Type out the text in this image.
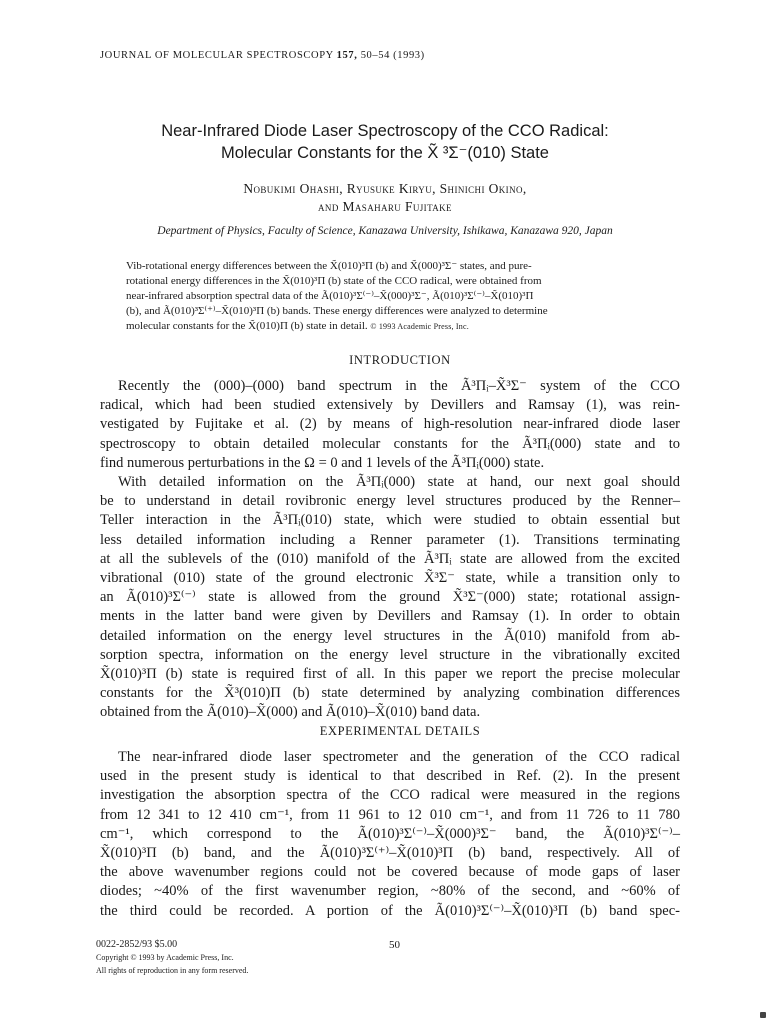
JOURNAL OF MOLECULAR SPECTROSCOPY 157, 50–54 (1993)
Near-Infrared Diode Laser Spectroscopy of the CCO Radical:
Molecular Constants for the X̃ ³Σ⁻(010) State
Nobukimi Ohashi, Ryusuke Kiryu, Shinichi Okino,
and Masaharu Fujitake
Department of Physics, Faculty of Science, Kanazawa University, Ishikawa, Kanazawa 920, Japan
Vib-rotational energy differences between the X̃(010)³Π (b) and X̃(000)³Σ⁻ states, and pure-
rotational energy differences in the X̃(010)³Π (b) state of the CCO radical, were obtained from
near-infrared absorption spectral data of the Ã(010)³Σ⁽⁻⁾–X̃(000)³Σ⁻, Ã(010)³Σ⁽⁻⁾–X̃(010)³Π
(b), and Ã(010)³Σ⁽⁺⁾–X̃(010)³Π (b) bands. These energy differences were analyzed to determine
molecular constants for the X̃(010)Π (b) state in detail. © 1993 Academic Press, Inc.
INTRODUCTION
Recently the (000)–(000) band spectrum in the Ã³Πᵢ–X̃³Σ⁻ system of the CCO
radical, which had been studied extensively by Devillers and Ramsay (1), was rein-
vestigated by Fujitake et al. (2) by means of high-resolution near-infrared diode laser
spectroscopy to obtain detailed molecular constants for the Ã³Πᵢ(000) state and to
find numerous perturbations in the Ω = 0 and 1 levels of the Ã³Πᵢ(000) state.
With detailed information on the Ã³Πᵢ(000) state at hand, our next goal should
be to understand in detail rovibronic energy level structures produced by the Renner–
Teller interaction in the Ã³Πᵢ(010) state, which were studied to obtain essential but
less detailed information including a Renner parameter (1). Transitions terminating
at all the sublevels of the (010) manifold of the Ã³Πᵢ state are allowed from the excited
vibrational (010) state of the ground electronic X̃³Σ⁻ state, while a transition only to
an Ã(010)³Σ⁽⁻⁾ state is allowed from the ground X̃³Σ⁻(000) state; rotational assign-
ments in the latter band were given by Devillers and Ramsay (1). In order to obtain
detailed information on the energy level structures in the Ã(010) manifold from ab-
sorption spectra, information on the energy level structure in the vibrationally excited
X̃(010)³Π (b) state is required first of all. In this paper we report the precise molecular
constants for the X̃³(010)Π (b) state determined by analyzing combination differences
obtained from the Ã(010)–X̃(000) and Ã(010)–X̃(010) band data.
EXPERIMENTAL DETAILS
The near-infrared diode laser spectrometer and the generation of the CCO radical
used in the present study is identical to that described in Ref. (2). In the present
investigation the absorption spectra of the CCO radical were measured in the regions
from 12 341 to 12 410 cm⁻¹, from 11 961 to 12 010 cm⁻¹, and from 11 726 to 11 780
cm⁻¹, which correspond to the Ã(010)³Σ⁽⁻⁾–X̃(000)³Σ⁻ band, the Ã(010)³Σ⁽⁻⁾–
X̃(010)³Π (b) band, and the Ã(010)³Σ⁽⁺⁾–X̃(010)³Π (b) band, respectively. All of
the above wavenumber regions could not be covered because of mode gaps of laser
diodes; ~40% of the first wavenumber region, ~80% of the second, and ~60% of
the third could be recorded. A portion of the Ã(010)³Σ⁽⁻⁾–X̃(010)³Π (b) band spec-
0022-2852/93 $5.00
Copyright © 1993 by Academic Press, Inc.
All rights of reproduction in any form reserved.
50
